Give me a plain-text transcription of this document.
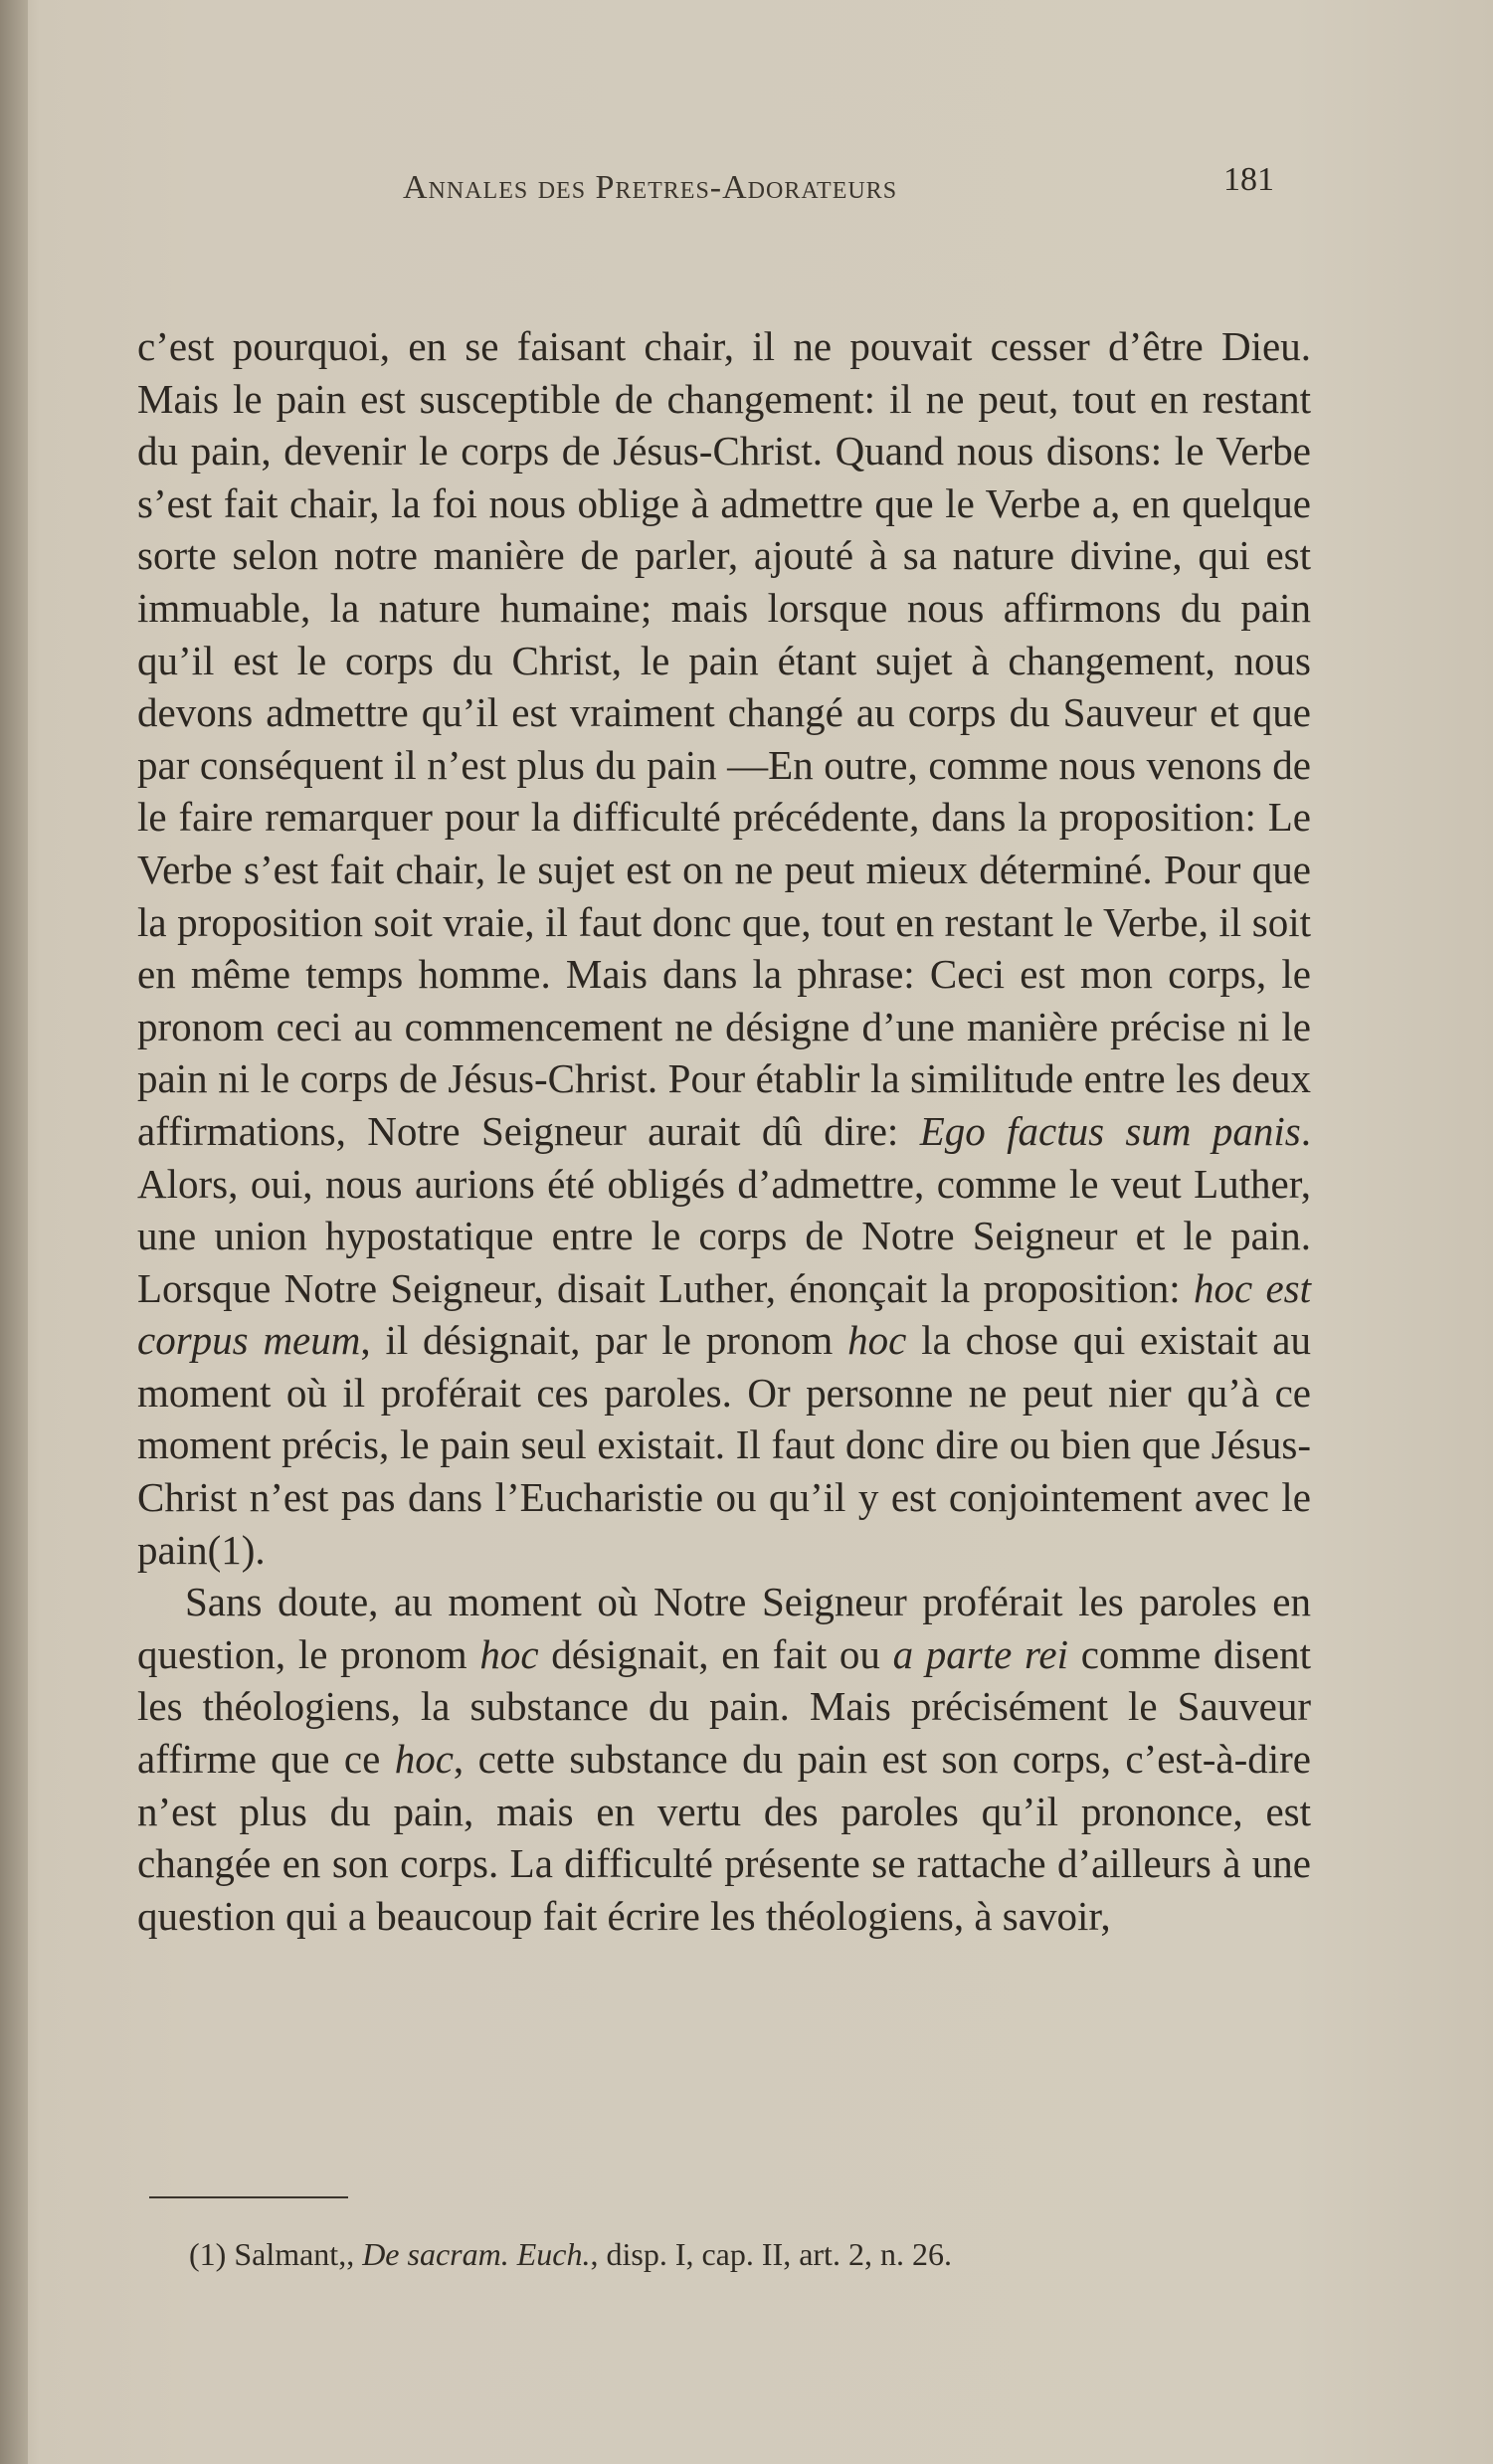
Annales des Pretres-Adorateurs	181

c’est pourquoi, en se faisant chair, il ne pouvait cesser d’être Dieu. Mais le pain est susceptible de changement: il ne peut, tout en restant du pain, devenir le corps de Jésus-Christ. Quand nous disons: le Verbe s’est fait chair, la foi nous oblige à admettre que le Verbe a, en quelque sorte selon notre manière de parler, ajouté à sa nature divine, qui est immuable, la nature humaine; mais lorsque nous affirmons du pain qu’il est le corps du Christ, le pain étant sujet à changement, nous devons admettre qu’il est vraiment changé au corps du Sauveur et que par conséquent il n’est plus du pain —En outre, comme nous venons de le faire remarquer pour la difficulté précédente, dans la proposition: Le Verbe s’est fait chair, le sujet est on ne peut mieux déterminé. Pour que la proposition soit vraie, il faut donc que, tout en restant le Verbe, il soit en même temps homme. Mais dans la phrase: Ceci est mon corps, le pronom ceci au commencement ne désigne d’une manière précise ni le pain ni le corps de Jésus-Christ. Pour établir la similitude entre les deux affirmations, Notre Seigneur aurait dû dire: Ego factus sum panis. Alors, oui, nous aurions été obligés d’admettre, comme le veut Luther, une union hypostatique entre le corps de Notre Seigneur et le pain. Lorsque Notre Seigneur, disait Luther, énonçait la proposition: hoc est corpus meum, il désignait, par le pronom hoc la chose qui existait au moment où il proférait ces paroles. Or personne ne peut nier qu’à ce moment précis, le pain seul existait. Il faut donc dire ou bien que Jésus-Christ n’est pas dans l’Eucharistie ou qu’il y est conjointement avec le pain(1).

Sans doute, au moment où Notre Seigneur proférait les paroles en question, le pronom hoc désignait, en fait ou a parte rei comme disent les théologiens, la substance du pain. Mais précisément le Sauveur affirme que ce hoc, cette substance du pain est son corps, c’est-à-dire n’est plus du pain, mais en vertu des paroles qu’il prononce, est changée en son corps. La difficulté présente se rattache d’ailleurs à une question qui a beaucoup fait écrire les théologiens, à savoir,

(1) Salmant,, De sacram. Euch., disp. I, cap. II, art. 2, n. 26.
